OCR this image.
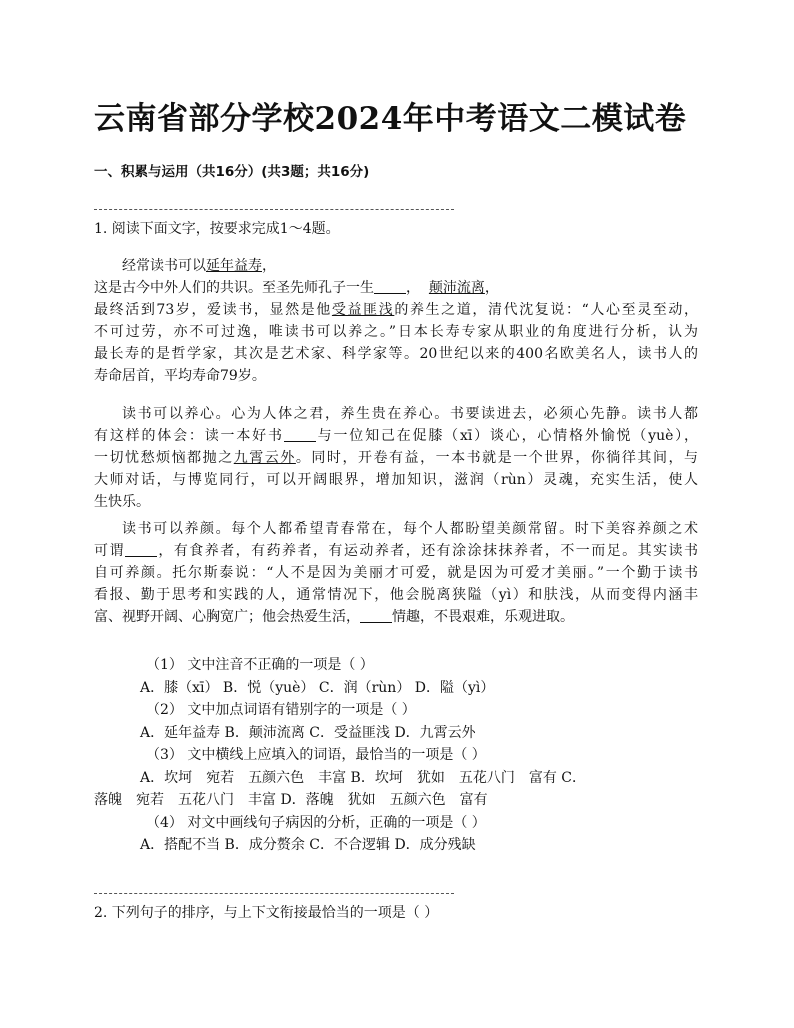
云南省部分学校2024年中考语文二模试卷
一、积累与运用（共16分）(共3题；共16分)
1. 阅读下面文字，按要求完成1～4题。
经常读书可以延年益寿，
这是古今中外人们的共识。至圣先师孔子一生 ， 颠沛流离，
最终活到73岁，爱读书，显然是他受益匪浅的养生之道，清代沈复说：“人心至灵至动，
不可过劳，亦不可过逸，唯读书可以养之。”日本长寿专家从职业的角度进行分析，认为
最长寿的是哲学家，其次是艺术家、科学家等。20世纪以来的400名欧美名人，读书人的
寿命居首，平均寿命79岁。
读书可以养心。心为人体之君，养生贵在养心。书要读进去，必须心先静。读书人都
有这样的体会：读一本好书 与一位知己在促膝（xī）谈心，心情格外愉悦（yuè），
一切忧愁烦恼都抛之九霄云外。同时，开卷有益，一本书就是一个世界，你徜徉其间，与
大师对话，与博览同行，可以开阔眼界，增加知识，滋润（rùn）灵魂，充实生活，使人
生快乐。
读书可以养颜。每个人都希望青春常在，每个人都盼望美颜常留。时下美容养颜之术
可谓 ，有食养者，有药养者，有运动养者，还有涂涂抹抹养者，不一而足。其实读书
自可养颜。托尔斯泰说：“人不是因为美丽才可爱，就是因为可爱才美丽。”一个勤于读书
看报、勤于思考和实践的人，通常情况下，他会脱离狭隘（yì）和肤浅，从而变得内涵丰
富、视野开阔、心胸宽广；他会热爱生活， 情趣，不畏艰难，乐观进取。
（1） 文中注音不正确的一项是（ ）
A．膝（xī） B．悦（yuè） C．润（rùn） D．隘（yì）
（2） 文中加点词语有错别字的一项是（ ）
A．延年益寿 B．颠沛流离 C．受益匪浅 D．九霄云外
（3） 文中横线上应填入的词语，最恰当的一项是（ ）
A．坎坷　宛若　五颜六色　丰富 B．坎坷　犹如　五花八门　富有 C．
落魄　宛若　五花八门　丰富 D．落魄　犹如　五颜六色　富有
（4） 对文中画线句子病因的分析，正确的一项是（ ）
A．搭配不当 B．成分赘余 C．不合逻辑 D．成分残缺
2. 下列句子的排序，与上下文衔接最恰当的一项是（ ）
